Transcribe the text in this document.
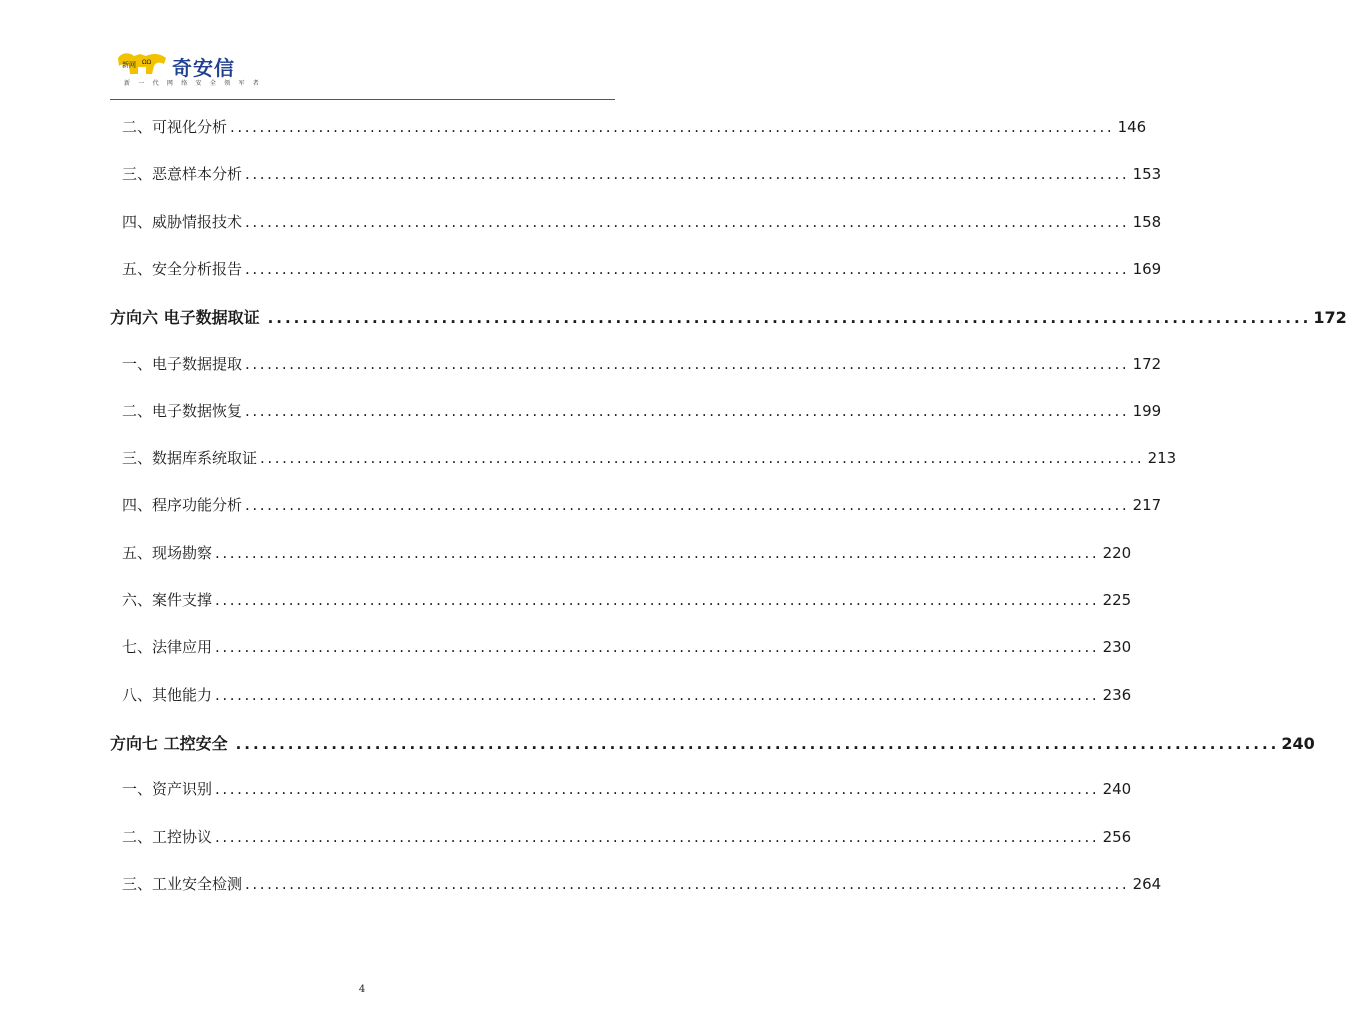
新网 ΩΩ 奇安信
新 一 代 网 络 安 全 领 军 者
二、 可视化分析 ........................................................................................................................ 146
三、 恶意样本分析 ........................................................................................................................ 153
四、 威胁情报技术 ........................................................................................................................ 158
五、 安全分析报告 ........................................................................................................................ 169
方向六 电子数据取证 ........................................................................................................................ 172
一、 电子数据提取 ........................................................................................................................ 172
二、 电子数据恢复 ........................................................................................................................ 199
三、 数据库系统取证 ........................................................................................................................ 213
四、 程序功能分析 ........................................................................................................................ 217
五、 现场勘察 ........................................................................................................................ 220
六、 案件支撑 ........................................................................................................................ 225
七、 法律应用 ........................................................................................................................ 230
八、 其他能力 ........................................................................................................................ 236
方向七 工控安全 ........................................................................................................................ 240
一、 资产识别 ........................................................................................................................ 240
二、 工控协议 ........................................................................................................................ 256
三、 工业安全检测 ........................................................................................................................ 264
4
